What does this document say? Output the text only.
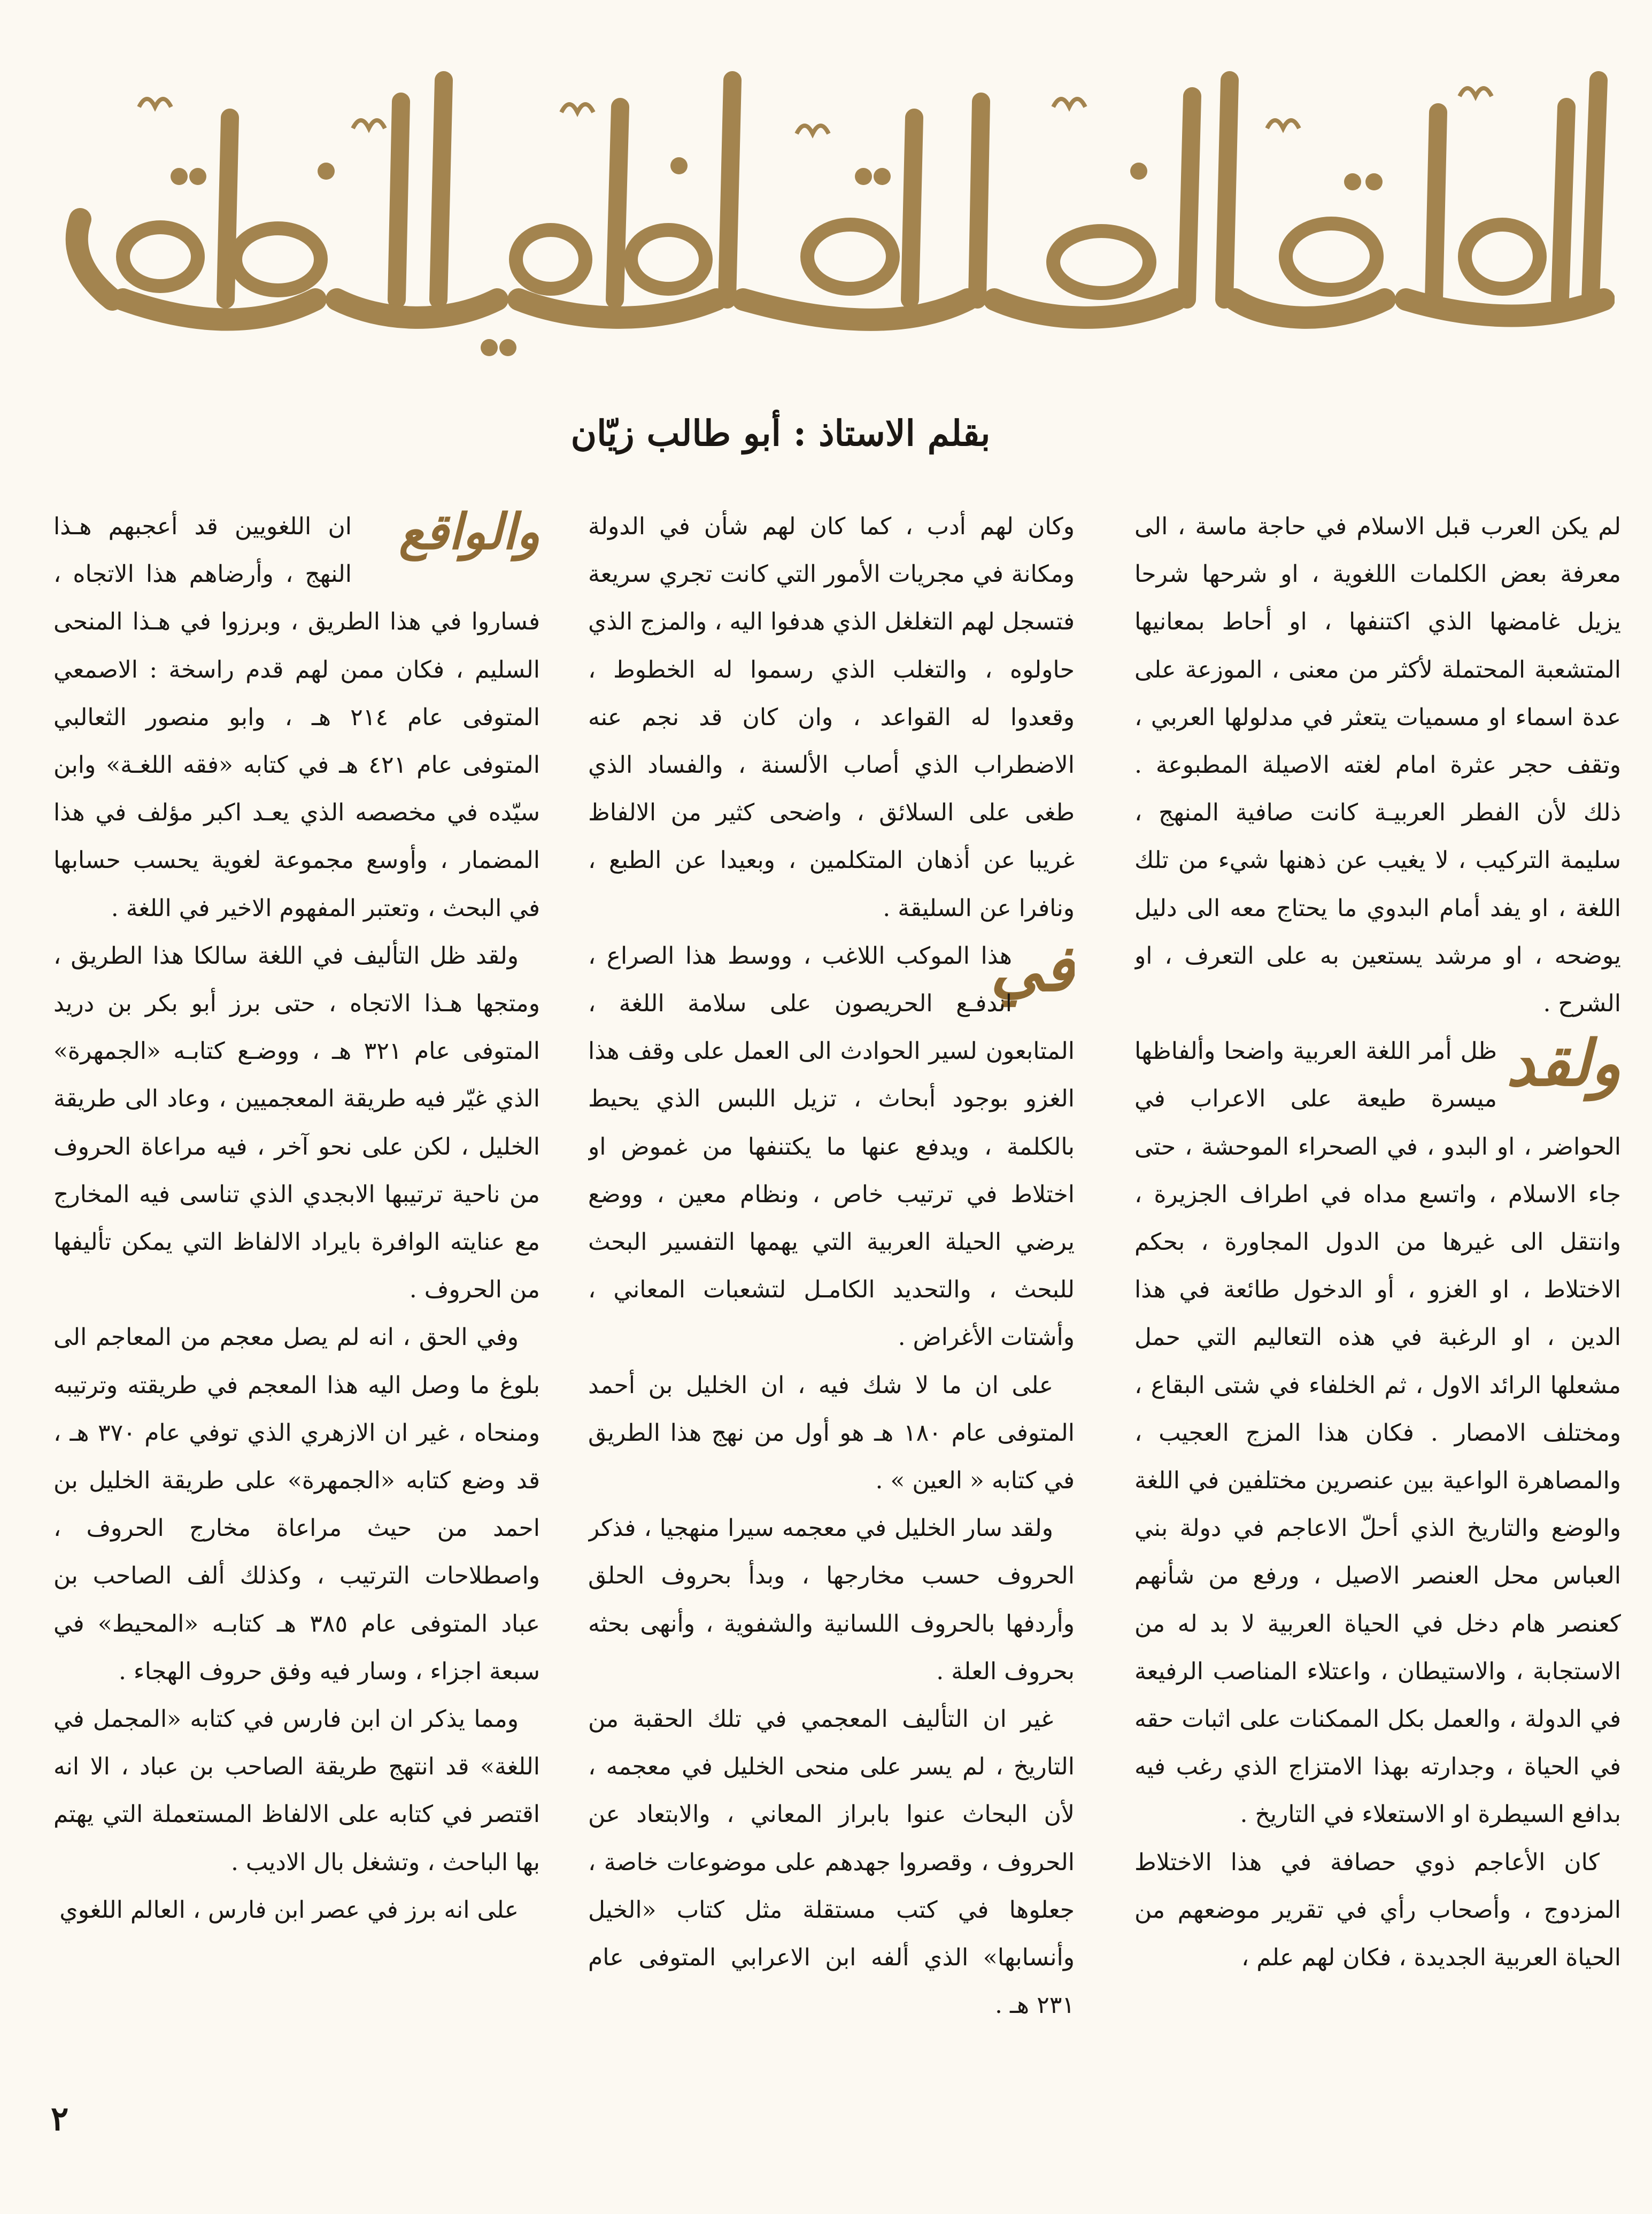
بقلم الاستاذ : أبو طالب زيّان

لم يكن العرب قبل الاسلام في حاجة ماسة ، الى معرفة بعض الكلمات اللغوية ، او شرحها شرحا يزيل غامضها الذي اكتنفها ، او أحاط بمعانيها المتشعبة المحتملة لأكثر من معنى ، الموزعة على عدة اسماء او مسميات يتعثر في مدلولها العربي ، وتقف حجر عثرة امام لغته الاصيلة المطبوعة . ذلك لأن الفطر العربيـة كانت صافية المنهج ، سليمة التركيب ، لا يغيب عن ذهنها شيء من تلك اللغة ، او يفد أمام البدوي ما يحتاج معه الى دليل يوضحه ، او مرشد يستعين به على التعرف ، او الشرح .

ولقد
ظل أمر اللغة العربية واضحا وألفاظها ميسرة طيعة على الاعراب في الحواضر ، او البدو ، في الصحراء الموحشة ، حتى جاء الاسلام ، واتسع مداه في اطراف الجزيرة ، وانتقل الى غيرها من الدول المجاورة ، بحكم الاختلاط ، او الغزو ، أو الدخول طائعة في هذا الدين ، او الرغبة في هذه التعاليم التي حمل مشعلها الرائد الاول ، ثم الخلفاء في شتى البقاع ، ومختلف الامصار . فكان هذا المزج العجيب ، والمصاهرة الواعية بين عنصرين مختلفين في اللغة والوضع والتاريخ الذي أحلّ الاعاجم في دولة بني العباس محل العنصر الاصيل ، ورفع من شأنهم كعنصر هام دخل في الحياة العربية لا بد له من الاستجابة ، والاستيطان ، واعتلاء المناصب الرفيعة في الدولة ، والعمل بكل الممكنات على اثبات حقه في الحياة ، وجدارته بهذا الامتزاج الذي رغب فيه بدافع السيطرة او الاستعلاء في التاريخ .

كان الأعاجم ذوي حصافة في هذا الاختلاط المزدوج ، وأصحاب رأي في تقرير موضعهم من الحياة العربية الجديدة ، فكان لهم علم ،

وكان لهم أدب ، كما كان لهم شأن في الدولة ومكانة في مجريات الأمور التي كانت تجري سريعة فتسجل لهم التغلغل الذي هدفوا اليه ، والمزج الذي حاولوه ، والتغلب الذي رسموا له الخطوط ، وقعدوا له القواعد ، وان كان قد نجم عنه الاضطراب الذي أصاب الألسنة ، والفساد الذي طغى على السلائق ، واضحى كثير من الالفاظ غريبا عن أذهان المتكلمين ، وبعيدا عن الطبع ، ونافرا عن السليقة .

في
هذا الموكب اللاغب ، ووسط هذا الصراع ، اندفـع الحريصون على سلامة اللغة ، المتابعون لسير الحوادث الى العمل على وقف هذا الغزو بوجود أبحاث ، تزيل اللبس الذي يحيط بالكلمة ، ويدفع عنها ما يكتنفها من غموض او اختلاط في ترتيب خاص ، ونظام معين ، ووضع يرضي الحيلة العربية التي يهمها التفسير البحث للبحث ، والتحديد الكامـل لتشعبات المعاني ، وأشتات الأغراض .

على ان ما لا شك فيه ، ان الخليل بن أحمد المتوفى عام ١٨٠ هـ هو أول من نهج هذا الطريق في كتابه « العين » .

ولقد سار الخليل في معجمه سيرا منهجيا ، فذكر الحروف حسب مخارجها ، وبدأ بحروف الحلق وأردفها بالحروف اللسانية والشفوية ، وأنهى بحثه بحروف العلة .

غير ان التأليف المعجمي في تلك الحقبة من التاريخ ، لم يسر على منحى الخليل في معجمه ، لأن البحاث عنوا بابراز المعاني ، والابتعاد عن الحروف ، وقصروا جهدهم على موضوعات خاصة ، جعلوها في كتب مستقلة مثل كتاب «الخيل وأنسابها» الذي ألفه ابن الاعرابي المتوفى عام ٢٣١ هـ .

والواقع
ان اللغويين قد أعجبهم هـذا النهج ، وأرضاهم هذا الاتجاه ، فساروا في هذا الطريق ، وبرزوا في هـذا المنحى السليم ، فكان ممن لهم قدم راسخة : الاصمعي المتوفى عام ٢١٤ هـ ، وابو منصور الثعالبي المتوفى عام ٤٢١ هـ في كتابه «فقه اللغـة» وابن سيّده في مخصصه الذي يعـد اكبر مؤلف في هذا المضمار ، وأوسع مجموعة لغوية يحسب حسابها في البحث ، وتعتبر المفهوم الاخير في اللغة .

ولقد ظل التأليف في اللغة سالكا هذا الطريق ، ومتجها هـذا الاتجاه ، حتى برز أبو بكر بن دريد المتوفى عام ٣٢١ هـ ، ووضـع كتابـه «الجمهرة» الذي غيّر فيه طريقة المعجميين ، وعاد الى طريقة الخليل ، لكن على نحو آخر ، فيه مراعاة الحروف من ناحية ترتيبها الابجدي الذي تناسى فيه المخارج مع عنايته الوافرة بايراد الالفاظ التي يمكن تأليفها من الحروف .

وفي الحق ، انه لم يصل معجم من المعاجم الى بلوغ ما وصل اليه هذا المعجم في طريقته وترتيبه ومنحاه ، غير ان الازهري الذي توفي عام ٣٧٠ هـ ، قد وضع كتابه «الجمهرة» على طريقة الخليل بن احمد من حيث مراعاة مخارج الحروف ، واصطلاحات الترتيب ، وكذلك ألف الصاحب بن عباد المتوفى عام ٣٨٥ هـ كتابـه «المحيط» في سبعة اجزاء ، وسار فيه وفق حروف الهجاء .

ومما يذكر ان ابن فارس في كتابه «المجمل في اللغة» قد انتهج طريقة الصاحب بن عباد ، الا انه اقتصر في كتابه على الالفاظ المستعملة التي يهتم بها الباحث ، وتشغل بال الاديب .

على انه برز في عصر ابن فارس ، العالم اللغوي

٢
